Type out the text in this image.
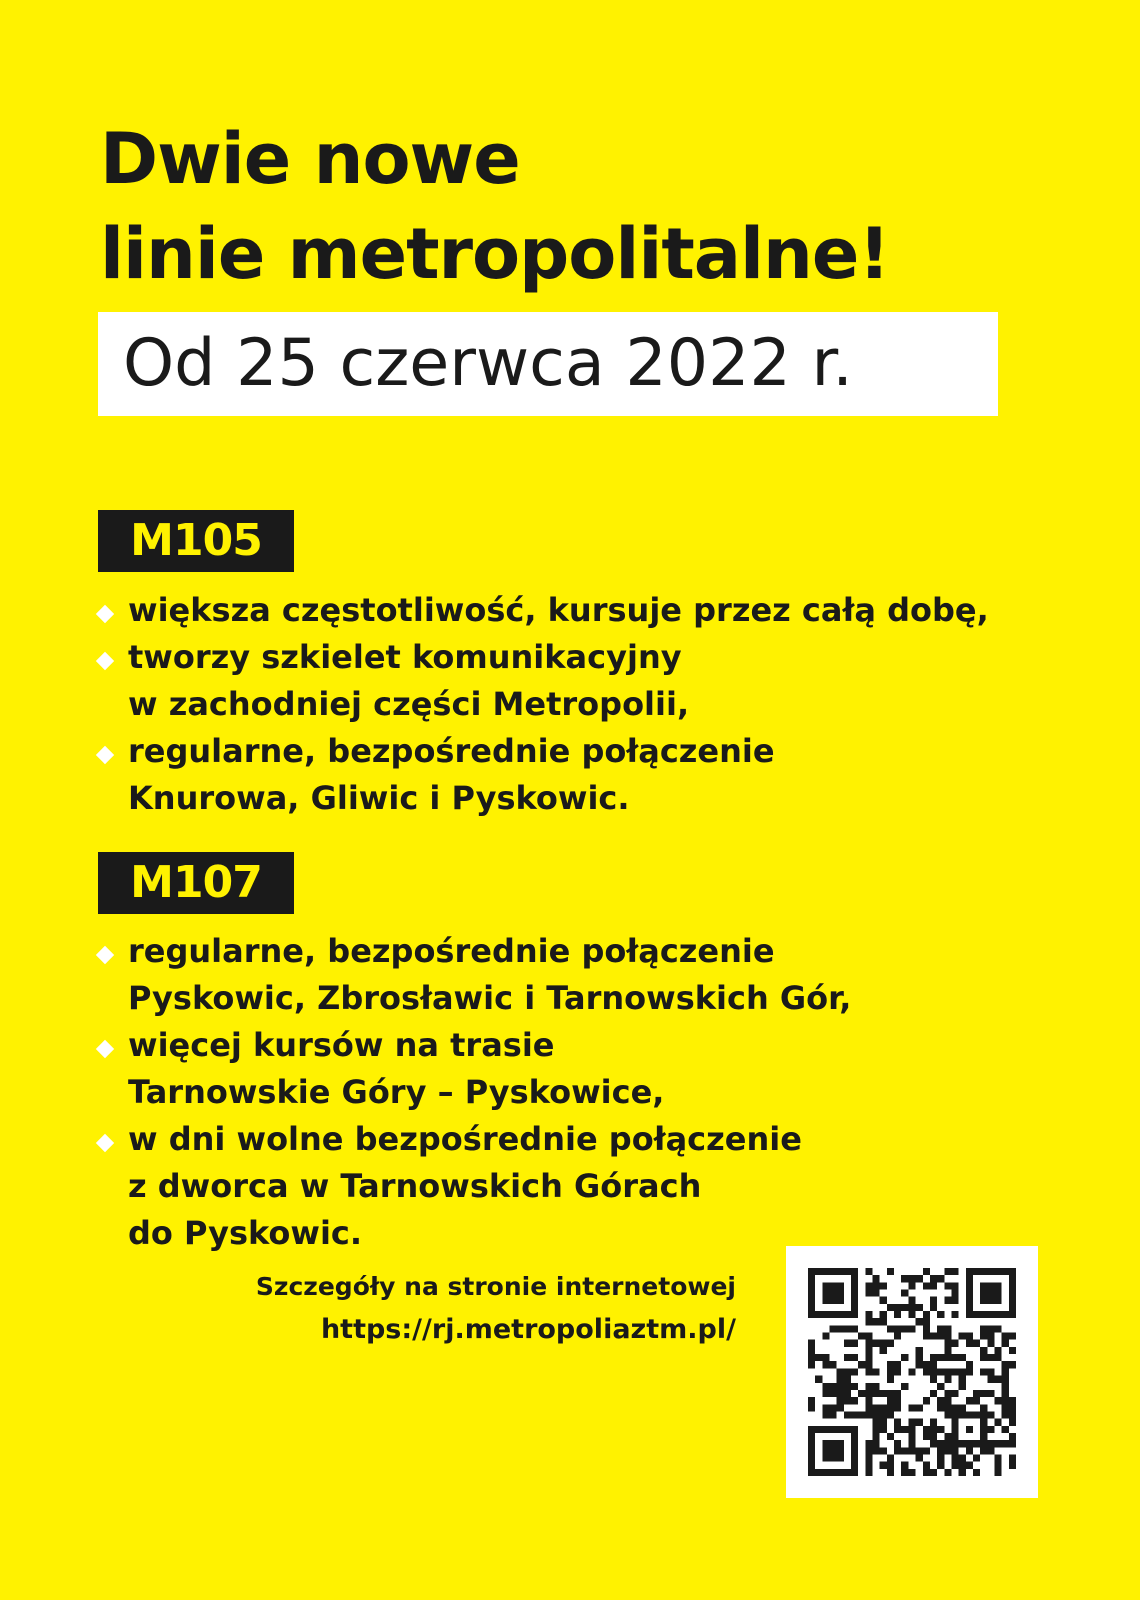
Dwie nowe
linie metropolitalne!
Od 25 czerwca 2022 r.
M105
większa częstotliwość, kursuje przez całą dobę,
tworzy szkielet komunikacyjny
w zachodniej części Metropolii,
regularne, bezpośrednie połączenie
Knurowa, Gliwic i Pyskowic.
M107
regularne, bezpośrednie połączenie
Pyskowic, Zbrosławic i Tarnowskich Gór,
więcej kursów na trasie
Tarnowskie Góry – Pyskowice,
w dni wolne bezpośrednie połączenie
z dworca w Tarnowskich Górach
do Pyskowic.
Szczegóły na stronie internetowej
https://rj.metropoliaztm.pl/
